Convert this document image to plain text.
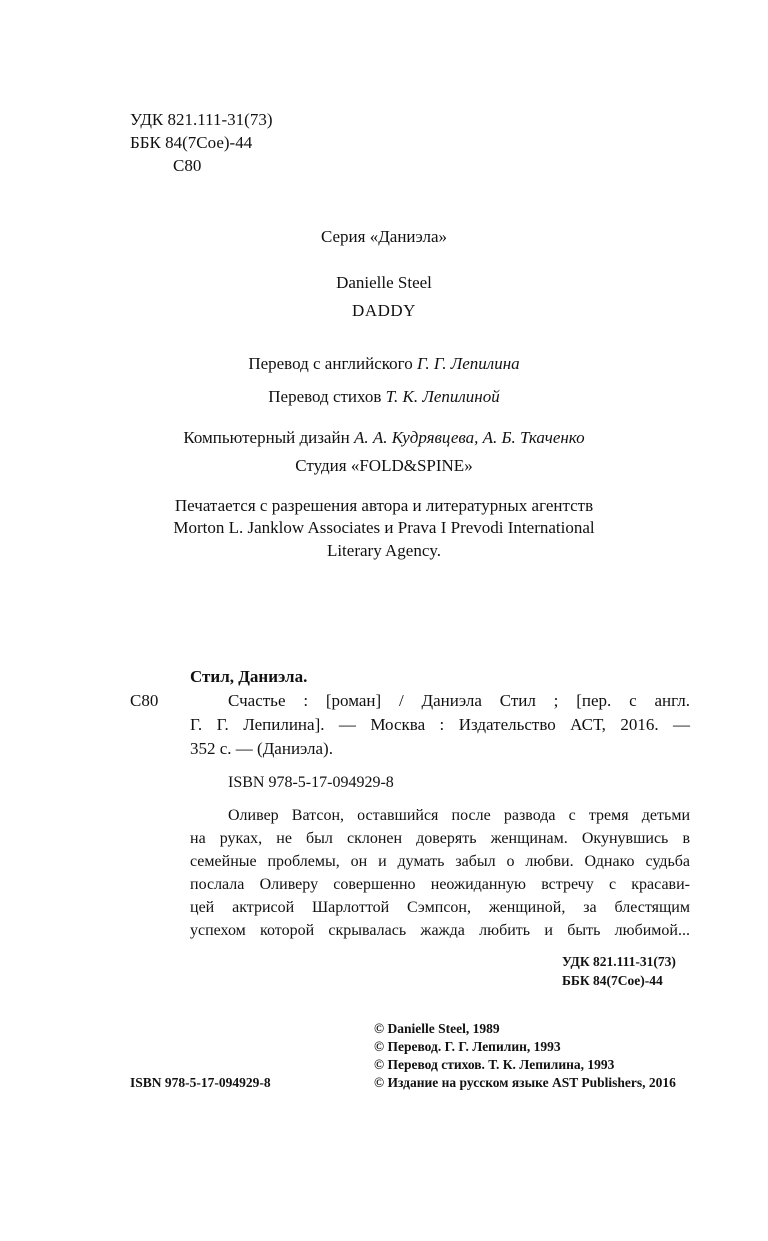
УДК 821.111-31(73)
ББК 84(7Сое)-44
С80
Серия «Даниэла»
Danielle Steel
DADDY
Перевод с английского Г. Г. Лепилина
Перевод стихов Т. К. Лепилиной
Компьютерный дизайн А. А. Кудрявцева, А. Б. Ткаченко
Студия «FOLD&SPINE»
Печатается с разрешения автора и литературных агентств
Morton L. Janklow Associates и Prava I Prevodi International
Literary Agency.
Стил, Даниэла.
С80	Счастье : [роман] / Даниэла Стил ; [пер. с англ.
Г. Г. Лепилина]. — Москва : Издательство АСТ, 2016. —
352 с. — (Даниэла).
ISBN 978-5-17-094929-8
Оливер Ватсон, оставшийся после развода с тремя детьми
на руках, не был склонен доверять женщинам. Окунувшись в
семейные проблемы, он и думать забыл о любви. Однако судьба
послала Оливеру совершенно неожиданную встречу с красави-
цей актрисой Шарлоттой Сэмпсон, женщиной, за блестящим
успехом которой скрывалась жажда любить и быть любимой...
УДК 821.111-31(73)
ББК 84(7Сое)-44
© Danielle Steel, 1989
© Перевод. Г. Г. Лепилин, 1993
© Перевод стихов. Т. К. Лепилина, 1993
© Издание на русском языке AST Publishers, 2016
ISBN 978-5-17-094929-8
